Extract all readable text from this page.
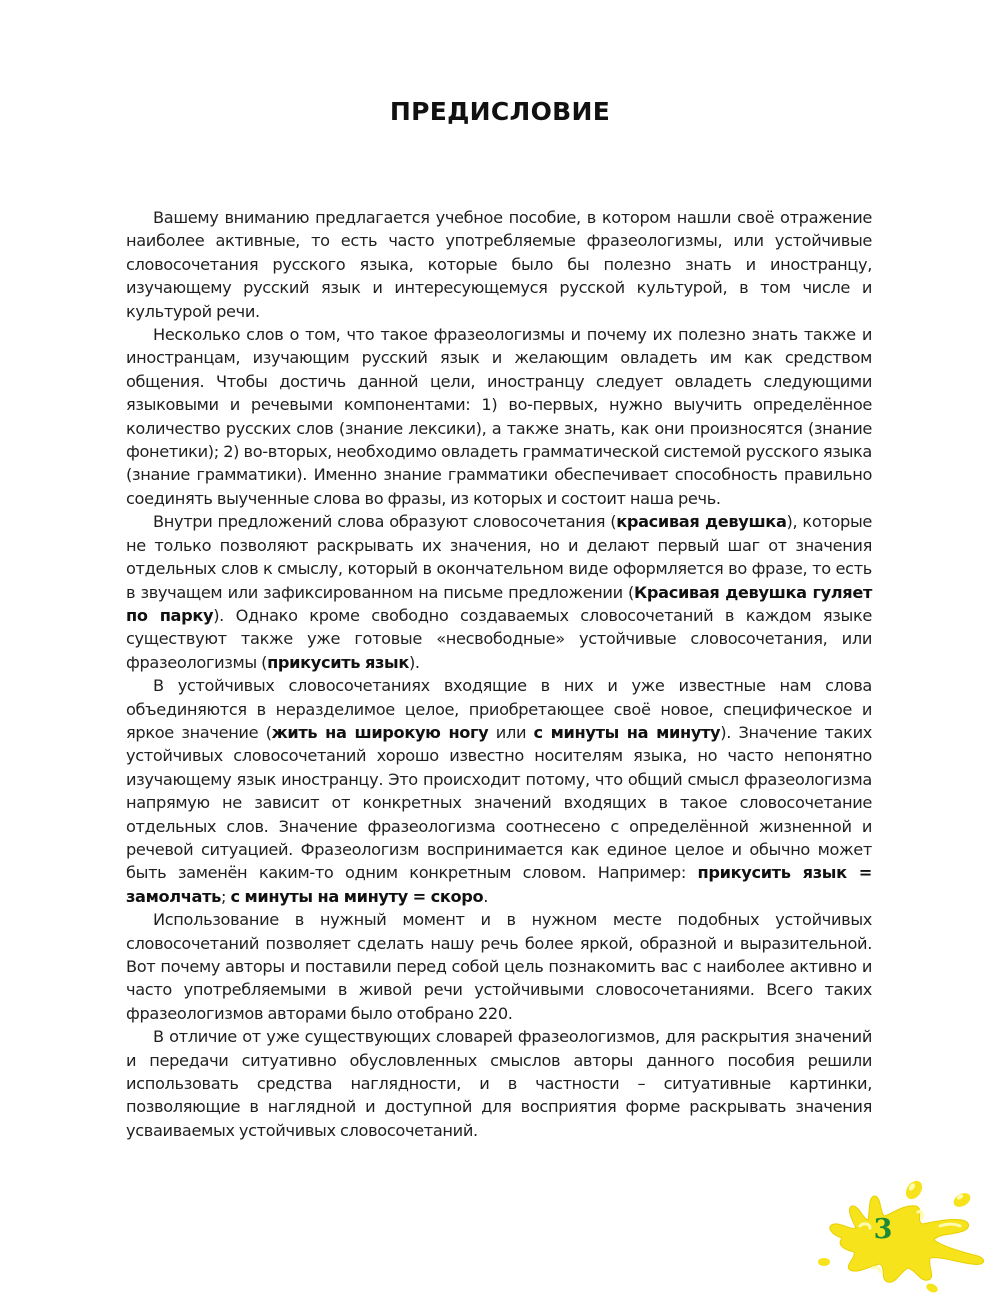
ПРЕДИСЛОВИЕ

Вашему вниманию предлагается учебное пособие, в котором нашли своё отражение наиболее активные, то есть часто употребляемые фразеологизмы, или устойчивые словосочетания русского языка, которые было бы полезно знать и иностранцу, изучающему русский язык и интересующемуся русской культурой, в том числе и культурой речи.

Несколько слов о том, что такое фразеологизмы и почему их полезно знать также и иностранцам, изучающим русский язык и желающим овладеть им как средством общения. Чтобы достичь данной цели, иностранцу следует овладеть следующими языковыми и речевыми компонентами: 1) во-первых, нужно выучить определённое количество русских слов (знание лексики), а также знать, как они произносятся (знание фонетики); 2) во-вторых, необходимо овладеть грамматической системой русского языка (знание грамматики). Именно знание грамматики обеспечивает способность правильно соединять выученные слова во фразы, из которых и состоит наша речь.

Внутри предложений слова образуют словосочетания (красивая девушка), которые не только позволяют раскрывать их значения, но и делают первый шаг от значения отдельных слов к смыслу, который в окончательном виде оформляется во фразе, то есть в звучащем или зафиксированном на письме предложении (Красивая девушка гуляет по парку). Однако кроме свободно создаваемых словосочетаний в каждом языке существуют также уже готовые «несвободные» устойчивые словосочетания, или фразеологизмы (прикусить язык).

В устойчивых словосочетаниях входящие в них и уже известные нам слова объединяются в неразделимое целое, приобретающее своё новое, специфическое и яркое значение (жить на широкую ногу или с минуты на минуту). Значение таких устойчивых словосочетаний хорошо известно носителям языка, но часто непонятно изучающему язык иностранцу. Это происходит потому, что общий смысл фразеологизма напрямую не зависит от конкретных значений входящих в такое словосочетание отдельных слов. Значение фразеологизма соотнесено с определённой жизненной и речевой ситуацией. Фразеологизм воспринимается как единое целое и обычно может быть заменён каким-то одним конкретным словом. Например: прикусить язык = замолчать; с минуты на минуту = скоро.

Использование в нужный момент и в нужном месте подобных устойчивых словосочетаний позволяет сделать нашу речь более яркой, образной и выразительной. Вот почему авторы и поставили перед собой цель познакомить вас с наиболее активно и часто употребляемыми в живой речи устойчивыми словосочетаниями. Всего таких фразеологизмов авторами было отобрано 220.

В отличие от уже существующих словарей фразеологизмов, для раскрытия значений и передачи ситуативно обусловленных смыслов авторы данного пособия решили использовать средства наглядности, и в частности – ситуативные картинки, позволяющие в наглядной и доступной для восприятия форме раскрывать значения усваиваемых устойчивых словосочетаний.

3
